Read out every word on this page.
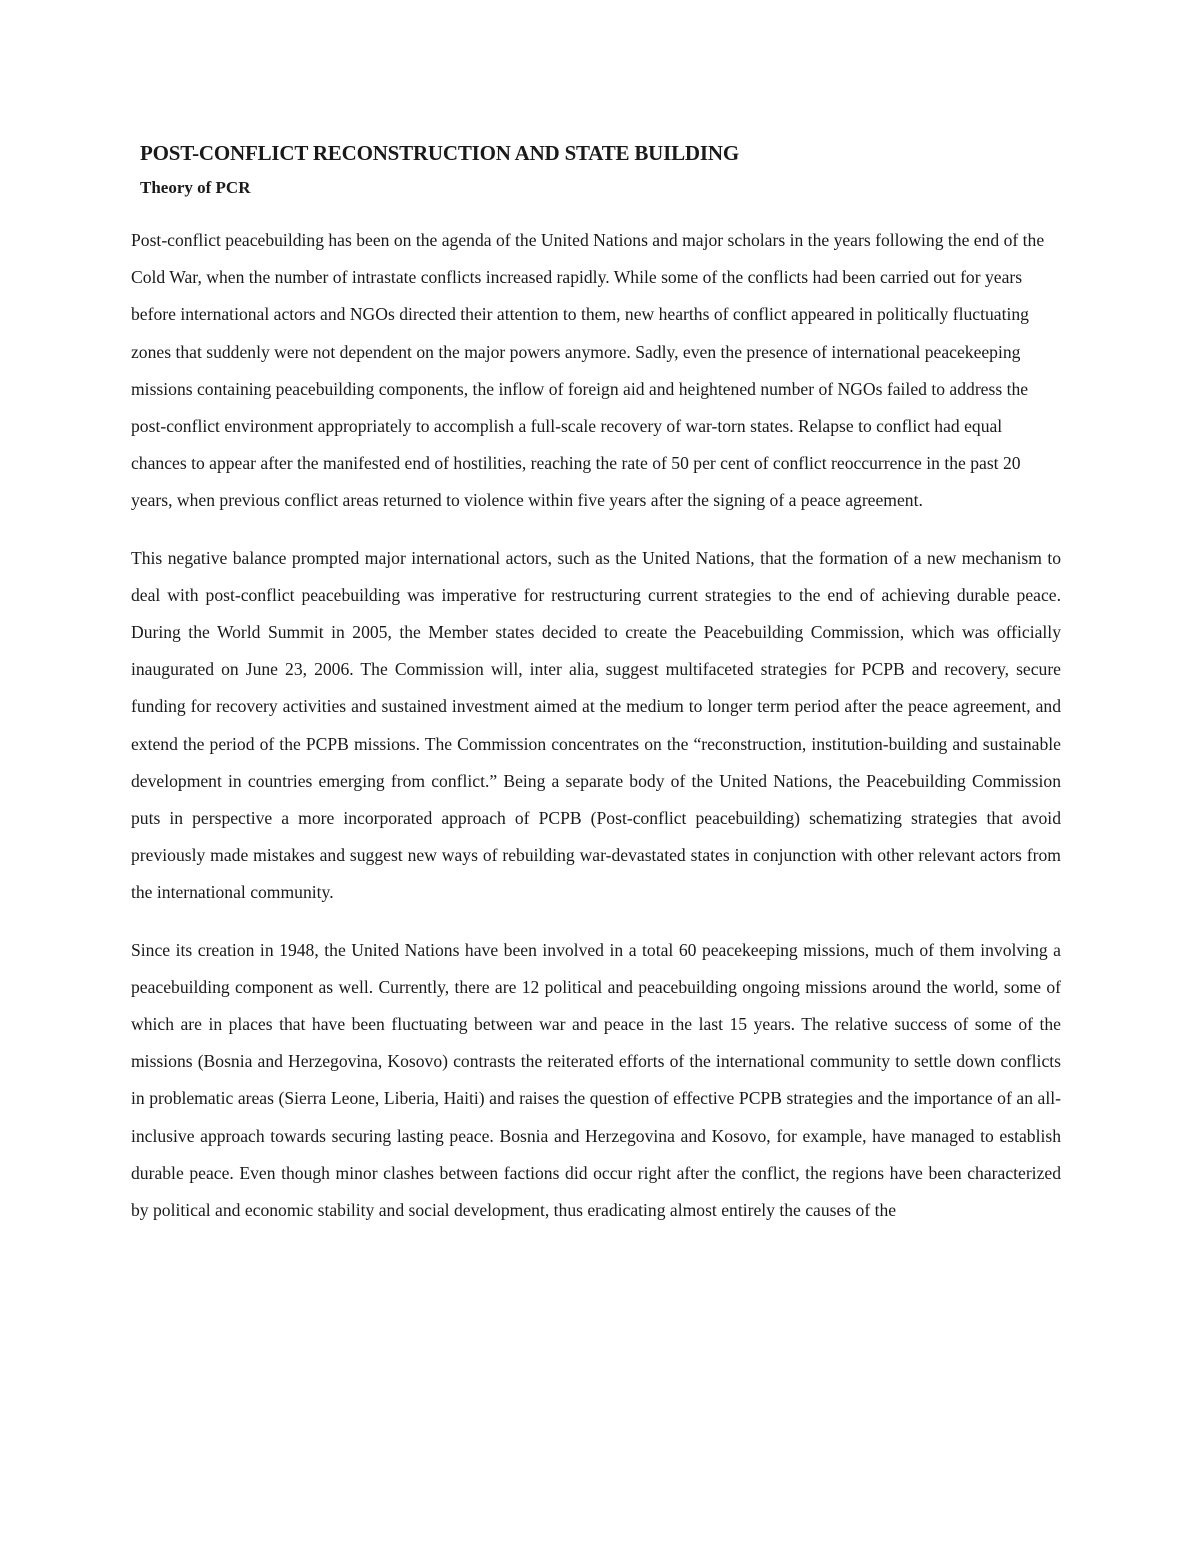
POST-CONFLICT RECONSTRUCTION AND STATE BUILDING
Theory of PCR

Post-conflict peacebuilding has been on the agenda of the United Nations and major scholars in the years following the end of the Cold War, when the number of intrastate conflicts increased rapidly. While some of the conflicts had been carried out for years before international actors and NGOs directed their attention to them, new hearths of conflict appeared in politically fluctuating zones that suddenly were not dependent on the major powers anymore. Sadly, even the presence of international peacekeeping missions containing peacebuilding components, the inflow of foreign aid and heightened number of NGOs failed to address the post-conflict environment appropriately to accomplish a full-scale recovery of war-torn states. Relapse to conflict had equal chances to appear after the manifested end of hostilities, reaching the rate of 50 per cent of conflict reoccurrence in the past 20 years, when previous conflict areas returned to violence within five years after the signing of a peace agreement.

This negative balance prompted major international actors, such as the United Nations, that the formation of a new mechanism to deal with post-conflict peacebuilding was imperative for restructuring current strategies to the end of achieving durable peace. During the World Summit in 2005, the Member states decided to create the Peacebuilding Commission, which was officially inaugurated on June 23, 2006. The Commission will, inter alia, suggest multifaceted strategies for PCPB and recovery, secure funding for recovery activities and sustained investment aimed at the medium to longer term period after the peace agreement, and extend the period of the PCPB missions. The Commission concentrates on the “reconstruction, institution-building and sustainable development in countries emerging from conflict.” Being a separate body of the United Nations, the Peacebuilding Commission puts in perspective a more incorporated approach of PCPB (Post-conflict peacebuilding) schematizing strategies that avoid previously made mistakes and suggest new ways of rebuilding war-devastated states in conjunction with other relevant actors from the international community.

Since its creation in 1948, the United Nations have been involved in a total 60 peacekeeping missions, much of them involving a peacebuilding component as well. Currently, there are 12 political and peacebuilding ongoing missions around the world, some of which are in places that have been fluctuating between war and peace in the last 15 years. The relative success of some of the missions (Bosnia and Herzegovina, Kosovo) contrasts the reiterated efforts of the international community to settle down conflicts in problematic areas (Sierra Leone, Liberia, Haiti) and raises the question of effective PCPB strategies and the importance of an all-inclusive approach towards securing lasting peace. Bosnia and Herzegovina and Kosovo, for example, have managed to establish durable peace. Even though minor clashes between factions did occur right after the conflict, the regions have been characterized by political and economic stability and social development, thus eradicating almost entirely the causes of the
